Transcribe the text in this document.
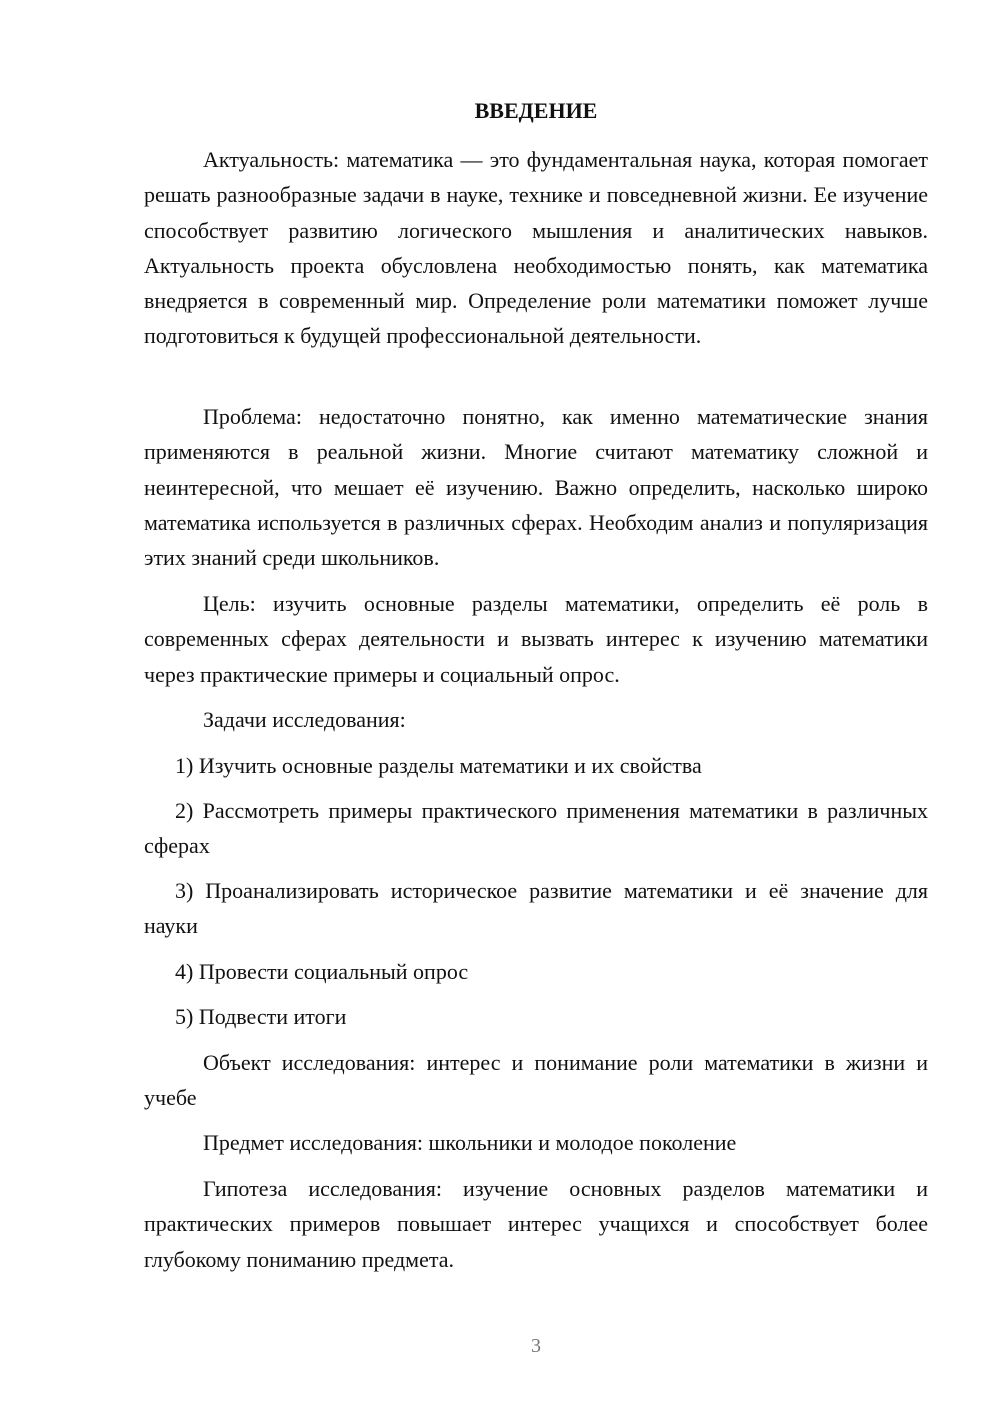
ВВЕДЕНИЕ

Актуальность: математика — это фундаментальная наука, которая помогает решать разнообразные задачи в науке, технике и повседневной жизни. Ее изучение способствует развитию логического мышления и аналитических навыков. Актуальность проекта обусловлена необходимостью понять, как математика внедряется в современный мир. Определение роли математики поможет лучше подготовиться к будущей профессиональной деятельности.

Проблема: недостаточно понятно, как именно математические знания применяются в реальной жизни. Многие считают математику сложной и неинтересной, что мешает её изучению. Важно определить, насколько широко математика используется в различных сферах. Необходим анализ и популяризация этих знаний среди школьников.

Цель: изучить основные разделы математики, определить её роль в современных сферах деятельности и вызвать интерес к изучению математики через практические примеры и социальный опрос.

Задачи исследования:

1) Изучить основные разделы математики и их свойства

2) Рассмотреть примеры практического применения математики в различных сферах

3) Проанализировать историческое развитие математики и её значение для науки

4) Провести социальный опрос

5) Подвести итоги

Объект исследования: интерес и понимание роли математики в жизни и учебе

Предмет исследования: школьники и молодое поколение

Гипотеза исследования: изучение основных разделов математики и практических примеров повышает интерес учащихся и способствует более глубокому пониманию предмета.

3
